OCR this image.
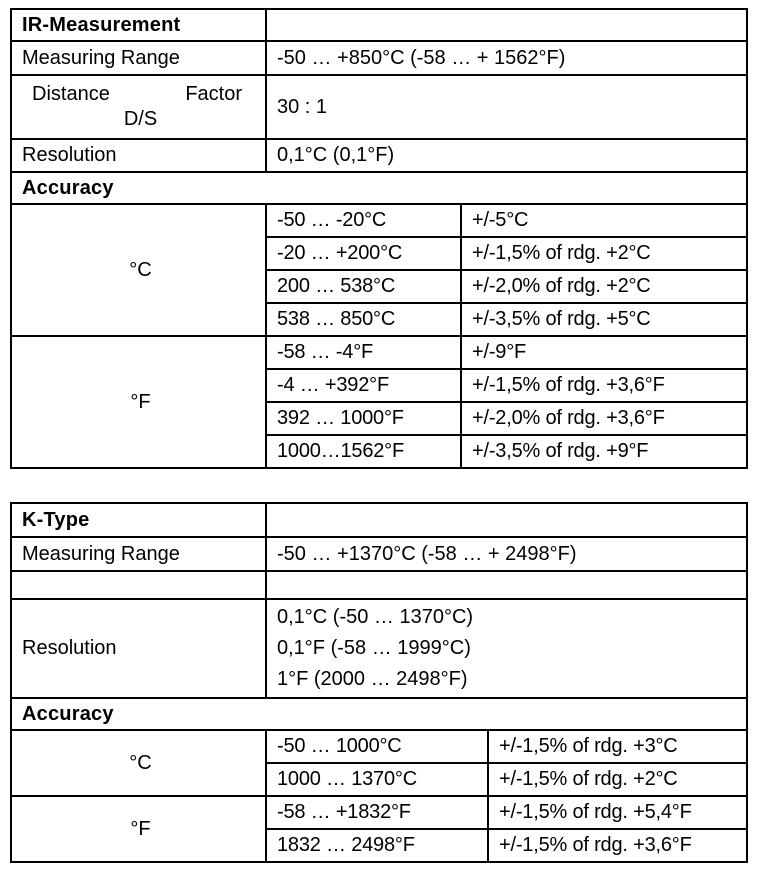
IR-Measurement		
Measuring Range	-50 … +850°C (-58 … + 1562°F)	

Distance Factor
D/S	30 : 1	
Resolution	0,1°C (0,1°F)	
Accuracy		
°C	-50 … -20°C	+/-5°C
	-20 … +200°C	+/-1,5% of rdg. +2°C
	200 … 538°C	+/-2,0% of rdg. +2°C
	538 … 850°C	+/-3,5% of rdg. +5°C
°F	-58 … -4°F	+/-9°F
	-4 … +392°F	+/-1,5% of rdg. +3,6°F
	392 … 1000°F	+/-2,0% of rdg. +3,6°F
	1000…1562°F	+/-3,5% of rdg. +9°F
K-Type		
Measuring Range	-50 … +1370°C (-58 … + 2498°F)	

Resolution	0,1°C (-50 … 1370°C)
0,1°F (-58 … 1999°C)
1°F (2000 … 2498°F)	

Accuracy		
°C	-50 … 1000°C	+/-1,5% of rdg. +3°C
	1000 … 1370°C	+/-1,5% of rdg. +2°C
°F	-58 … +1832°F	+/-1,5% of rdg. +5,4°F
	1832 … 2498°F	+/-1,5% of rdg. +3,6°F
